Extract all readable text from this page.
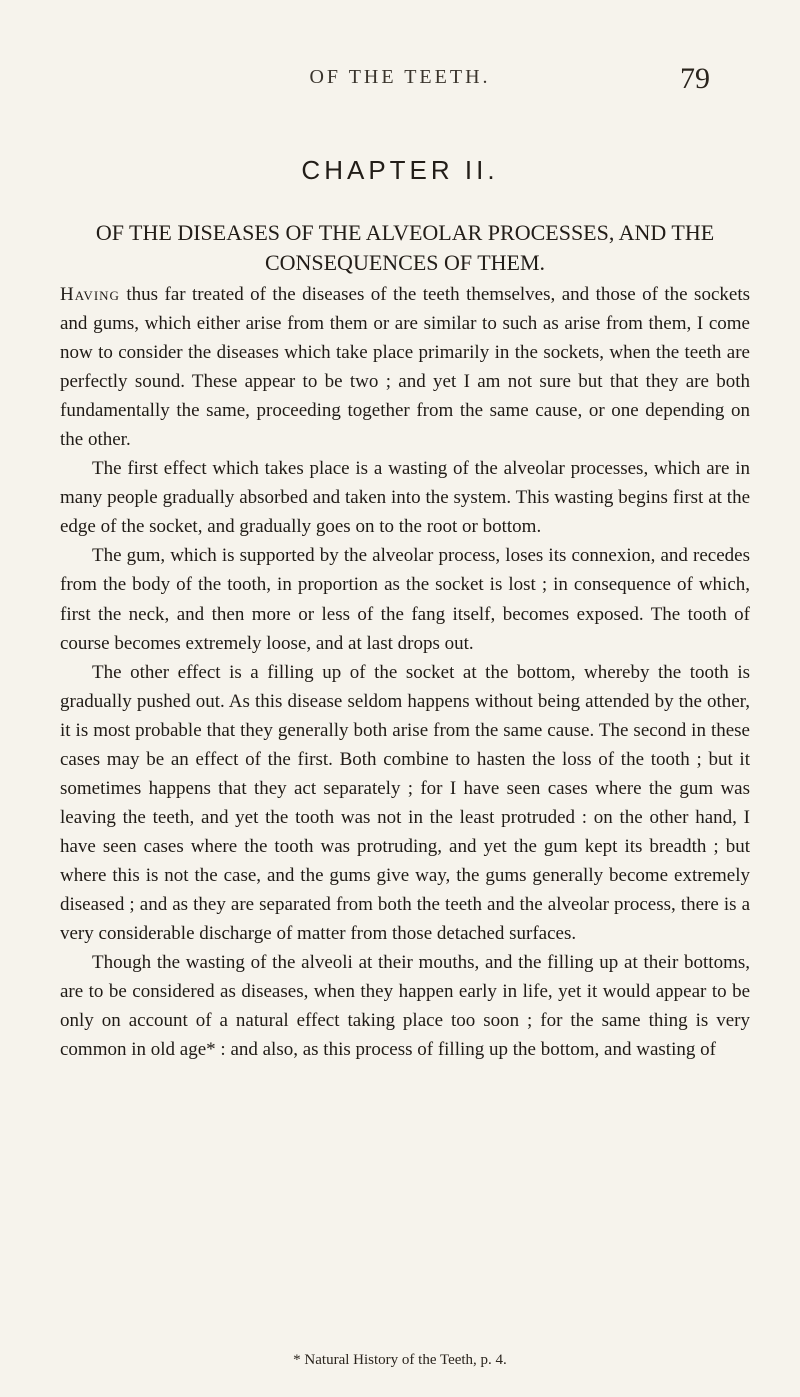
OF THE TEETH.	79
CHAPTER II.
OF THE DISEASES OF THE ALVEOLAR PROCESSES, AND THE CONSEQUENCES OF THEM.

Having thus far treated of the diseases of the teeth themselves, and those of the sockets and gums, which either arise from them or are similar to such as arise from them, I come now to consider the diseases which take place primarily in the sockets, when the teeth are perfectly sound. These appear to be two ; and yet I am not sure but that they are both fundamentally the same, proceeding together from the same cause, or one depending on the other.

The first effect which takes place is a wasting of the alveolar processes, which are in many people gradually absorbed and taken into the system. This wasting begins first at the edge of the socket, and gradually goes on to the root or bottom.

The gum, which is supported by the alveolar process, loses its connexion, and recedes from the body of the tooth, in proportion as the socket is lost ; in consequence of which, first the neck, and then more or less of the fang itself, becomes exposed. The tooth of course becomes extremely loose, and at last drops out.

The other effect is a filling up of the socket at the bottom, whereby the tooth is gradually pushed out. As this disease seldom happens without being attended by the other, it is most probable that they generally both arise from the same cause. The second in these cases may be an effect of the first. Both combine to hasten the loss of the tooth ; but it sometimes happens that they act separately ; for I have seen cases where the gum was leaving the teeth, and yet the tooth was not in the least protruded : on the other hand, I have seen cases where the tooth was protruding, and yet the gum kept its breadth ; but where this is not the case, and the gums give way, the gums generally become extremely diseased ; and as they are separated from both the teeth and the alveolar process, there is a very considerable discharge of matter from those detached surfaces.

Though the wasting of the alveoli at their mouths, and the filling up at their bottoms, are to be considered as diseases, when they happen early in life, yet it would appear to be only on account of a natural effect taking place too soon ; for the same thing is very common in old age* : and also, as this process of filling up the bottom, and wasting of

* Natural History of the Teeth, p. 4.
